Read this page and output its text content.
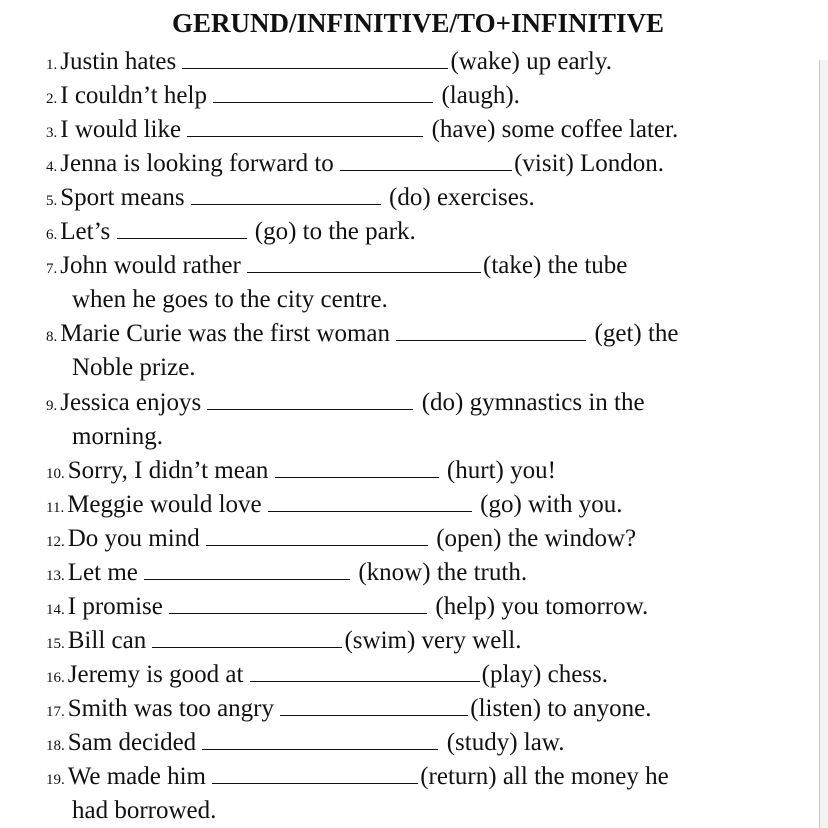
GERUND/INFINITIVE/TO+INFINITIVE
1. Justin hates	(wake) up early.
2. I couldn’t help	(laugh).
3. I would like	(have) some coffee later.
4. Jenna is looking forward to	(visit) London.
5. Sport means	(do) exercises.
6. Let’s	(go) to the park.
7. John would rather	(take) the tube
when he goes to the city centre.
8. Marie Curie was the first woman	(get) the
Noble prize.
9. Jessica enjoys	(do) gymnastics in the
morning.
10. Sorry, I didn’t mean	(hurt) you!
11. Meggie would love	(go) with you.
12. Do you mind	(open) the window?
13. Let me	(know) the truth.
14. I promise	(help) you tomorrow.
15. Bill can	(swim) very well.
16. Jeremy is good at	(play) chess.
17. Smith was too angry	(listen) to anyone.
18. Sam decided	(study) law.
19. We made him	(return) all the money he
had borrowed.
